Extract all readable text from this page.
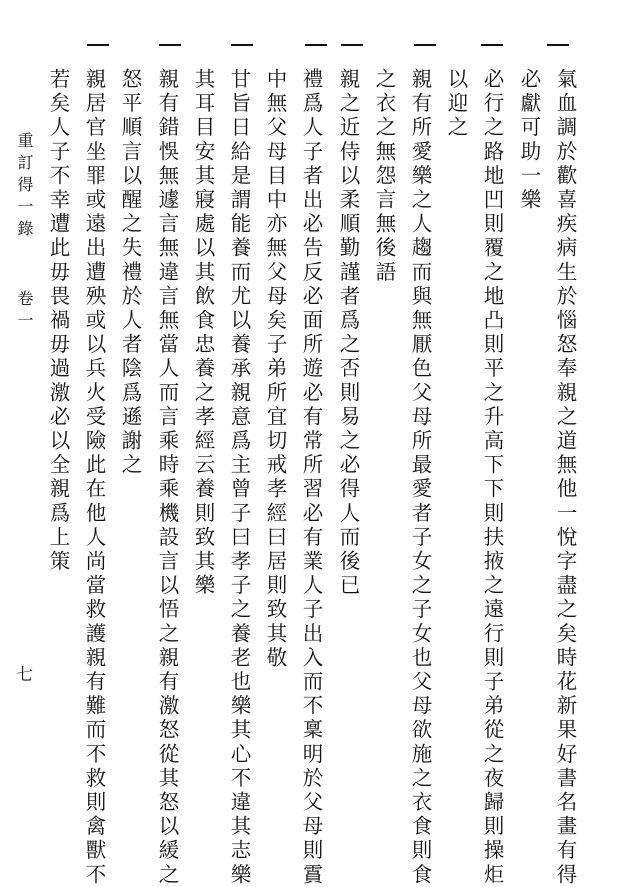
氣血調於歡喜疾病生於惱怒奉親之道無他一悅字盡之矣時花新果好書名畫有得
必獻可助一樂
必行之路地凹則覆之地凸則平之升高下下則扶掖之遠行則子弟從之夜歸則操炬
以迎之
親有所愛樂之人趨而與無厭色父母所最愛者子女之子女也父母欲施之衣食則食
之衣之無怨言無後語
親之近侍以柔順勤謹者爲之否則易之必得人而後已
禮爲人子者出必告反必面所遊必有常所習必有業人子出入而不稟明於父母則霣
中無父母目中亦無父母矣子弟所宜切戒孝經曰居則致其敬
甘旨日給是謂能養而尤以養承親意爲主曾子曰孝子之養老也樂其心不違其志樂
其耳目安其寢處以其飲食忠養之孝經云養則致其樂
親有錯悞無遽言無違言無當人而言乘時乘機設言以悟之親有激怒從其怒以緩之
怒平順言以醒之失禮於人者陰爲遜謝之
親居官坐罪或遠出遭殃或以兵火受險此在他人尚當救護親有難而不救則禽獸不
若矣人子不幸遭此毋畏禍毋過激必以全親爲上策
重訂得一錄
卷一
七
